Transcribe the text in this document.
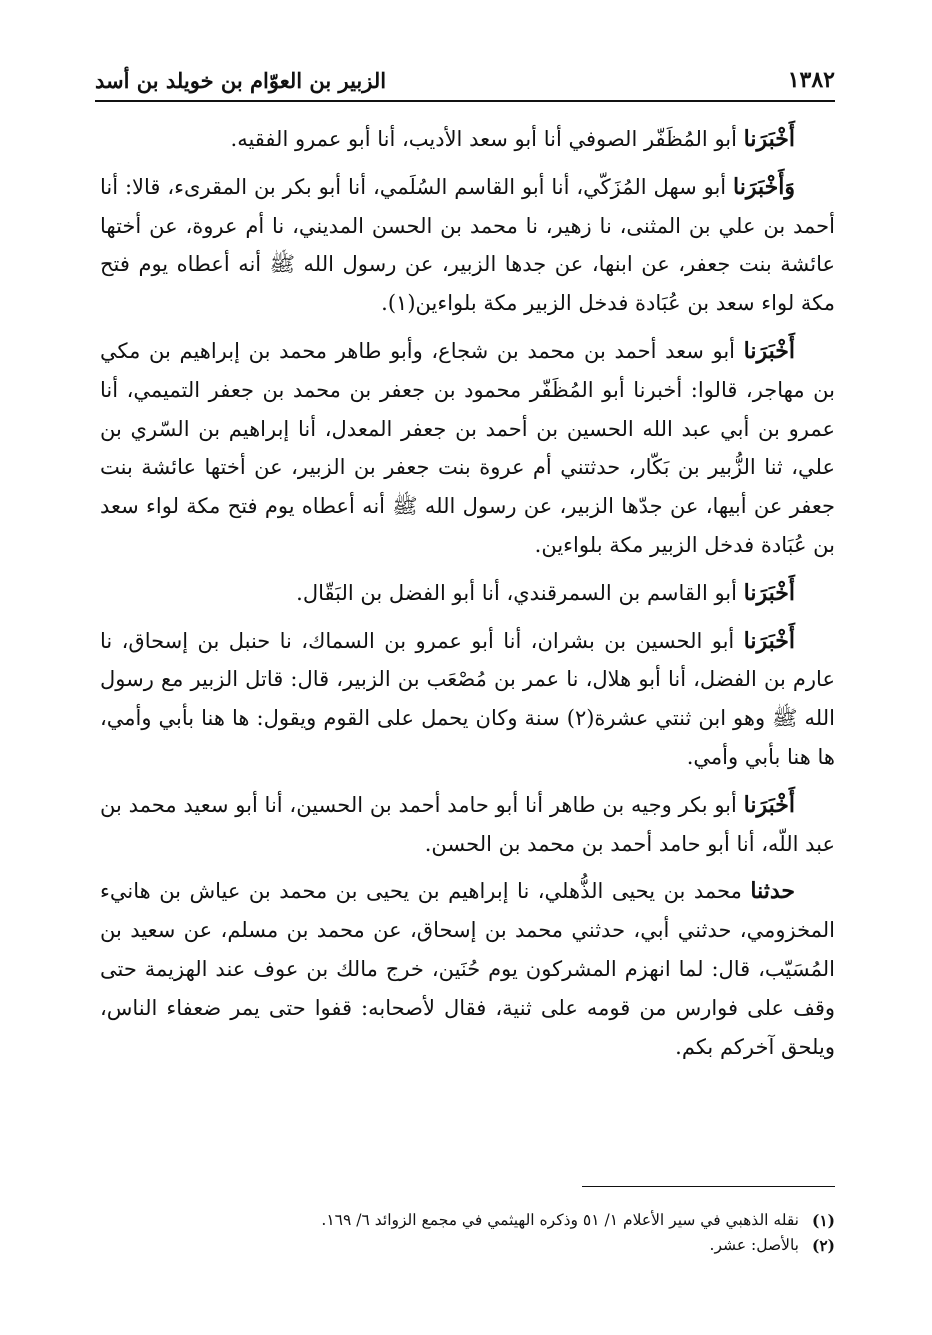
١٣٨٢
الزبير بن العوّام بن خويلد بن أسد

أَخْبَرَنا أبو المُظَفّر الصوفي أنا أبو سعد الأديب، أنا أبو عمرو الفقيه.

وَأَخْبَرَنا أبو سهل المُزَكّي، أنا أبو القاسم السُلَمي، أنا أبو بكر بن المقرىء، قالا: أنا أحمد بن علي بن المثنى، نا زهير، نا محمد بن الحسن المديني، نا أم عروة، عن أختها عائشة بنت جعفر، عن ابنها، عن جدها الزبير، عن رسول الله ﷺ أنه أعطاه يوم فتح مكة لواء سعد بن عُبَادة فدخل الزبير مكة بلواءين(١).

أَخْبَرَنا أبو سعد أحمد بن محمد بن شجاع، وأبو طاهر محمد بن إبراهيم بن مكي بن مهاجر، قالوا: أخبرنا أبو المُظَفّر محمود بن جعفر بن محمد بن جعفر التميمي، أنا عمرو بن أبي عبد الله الحسين بن أحمد بن جعفر المعدل، أنا إبراهيم بن السّري بن علي، ثنا الزُّبير بن بَكّار، حدثتني أم عروة بنت جعفر بن الزبير، عن أختها عائشة بنت جعفر عن أبيها، عن جدّها الزبير، عن رسول الله ﷺ أنه أعطاه يوم فتح مكة لواء سعد بن عُبَادة فدخل الزبير مكة بلواءين.

أَخْبَرَنا أبو القاسم بن السمرقندي، أنا أبو الفضل بن البَقّال.

أَخْبَرَنا أبو الحسين بن بشران، أنا أبو عمرو بن السماك، نا حنبل بن إسحاق، نا عارم بن الفضل، أنا أبو هلال، نا عمر بن مُصْعَب بن الزبير، قال: قاتل الزبير مع رسول الله ﷺ وهو ابن ثنتي عشرة(٢) سنة وكان يحمل على القوم ويقول: ها هنا بأبي وأمي، ها هنا بأبي وأمي.

أَخْبَرَنا أبو بكر وجيه بن طاهر أنا أبو حامد أحمد بن الحسين، أنا أبو سعيد محمد بن عبد اللّه، أنا أبو حامد أحمد بن محمد بن الحسن.

حدثنا محمد بن يحيى الذُّهلي، نا إبراهيم بن يحيى بن محمد بن عياش بن هانيء المخزومي، حدثني أبي، حدثني محمد بن إسحاق، عن محمد بن مسلم، عن سعيد بن المُسَيّب، قال: لما انهزم المشركون يوم حُنَين، خرج مالك بن عوف عند الهزيمة حتى وقف على فوارس من قومه على ثنية، فقال لأصحابه: قفوا حتى يمر ضعفاء الناس، ويلحق آخركم بكم.

(١)
نقله الذهبي في سير الأعلام ١/ ٥١ وذكره الهيثمي في مجمع الزوائد ٦/ ١٦٩.
(٢)
بالأصل: عشر.
